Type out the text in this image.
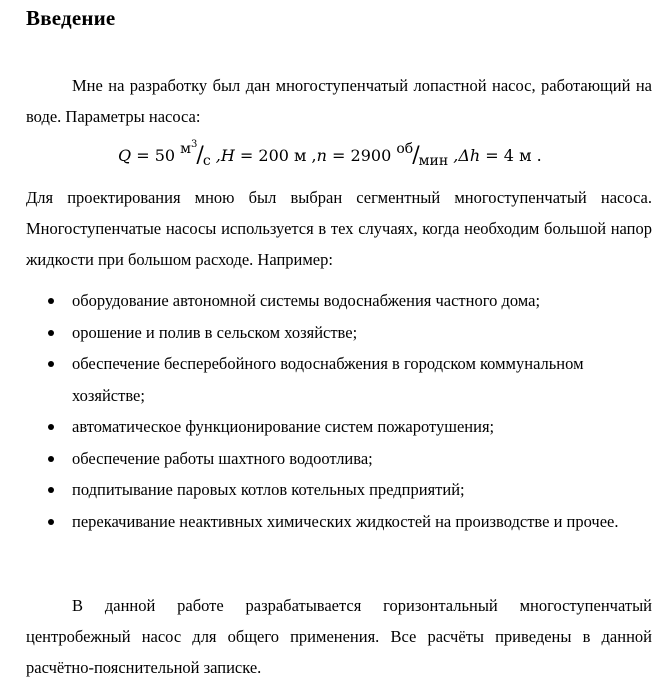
Введение

Мне на разработку был дан многоступенчатый лопастной насос, работающий на воде. Параметры насоса:

Q = 50 $м^3/с$ ,H = 200 м ,n = 2900 об/мин ,Δh = 4 м .

Для проектирования мною был выбран сегментный многоступенчатый насоса. Многоступенчатые насосы используется в тех случаях, когда необходим большой напор жидкости при большом расходе. Например:

оборудование автономной системы водоснабжения частного дома;
орошение и полив в сельском хозяйстве;
обеспечение бесперебойного водоснабжения в городском коммунальном хозяйстве;
автоматическое функционирование систем пожаротушения;
обеспечение работы шахтного водоотлива;
подпитывание паровых котлов котельных предприятий;
перекачивание неактивных химических жидкостей на производстве и прочее.

В данной работе разрабатывается горизонтальный многоступенчатый центробежный насос для общего применения. Все расчёты приведены в данной расчётно-пояснительной записке.
